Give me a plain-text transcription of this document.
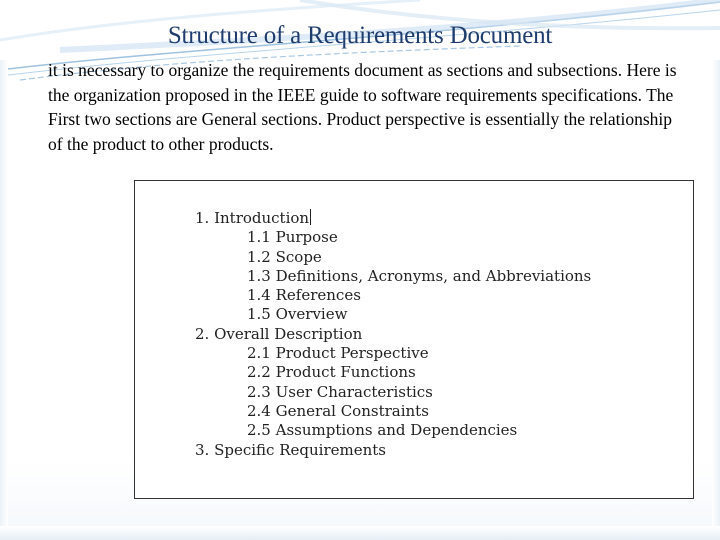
Structure of a Requirements Document
it is necessary to organize the requirements document as sections and subsections. Here is the organization proposed in the IEEE guide to software requirements specifications. The First two sections are General sections. Product perspective is essentially the relationship of the product to other products.
1. Introduction
1.1 Purpose
1.2 Scope
1.3 Definitions, Acronyms, and Abbreviations
1.4 References
1.5 Overview
2. Overall Description
2.1 Product Perspective
2.2 Product Functions
2.3 User Characteristics
2.4 General Constraints
2.5 Assumptions and Dependencies
3. Specific Requirements
